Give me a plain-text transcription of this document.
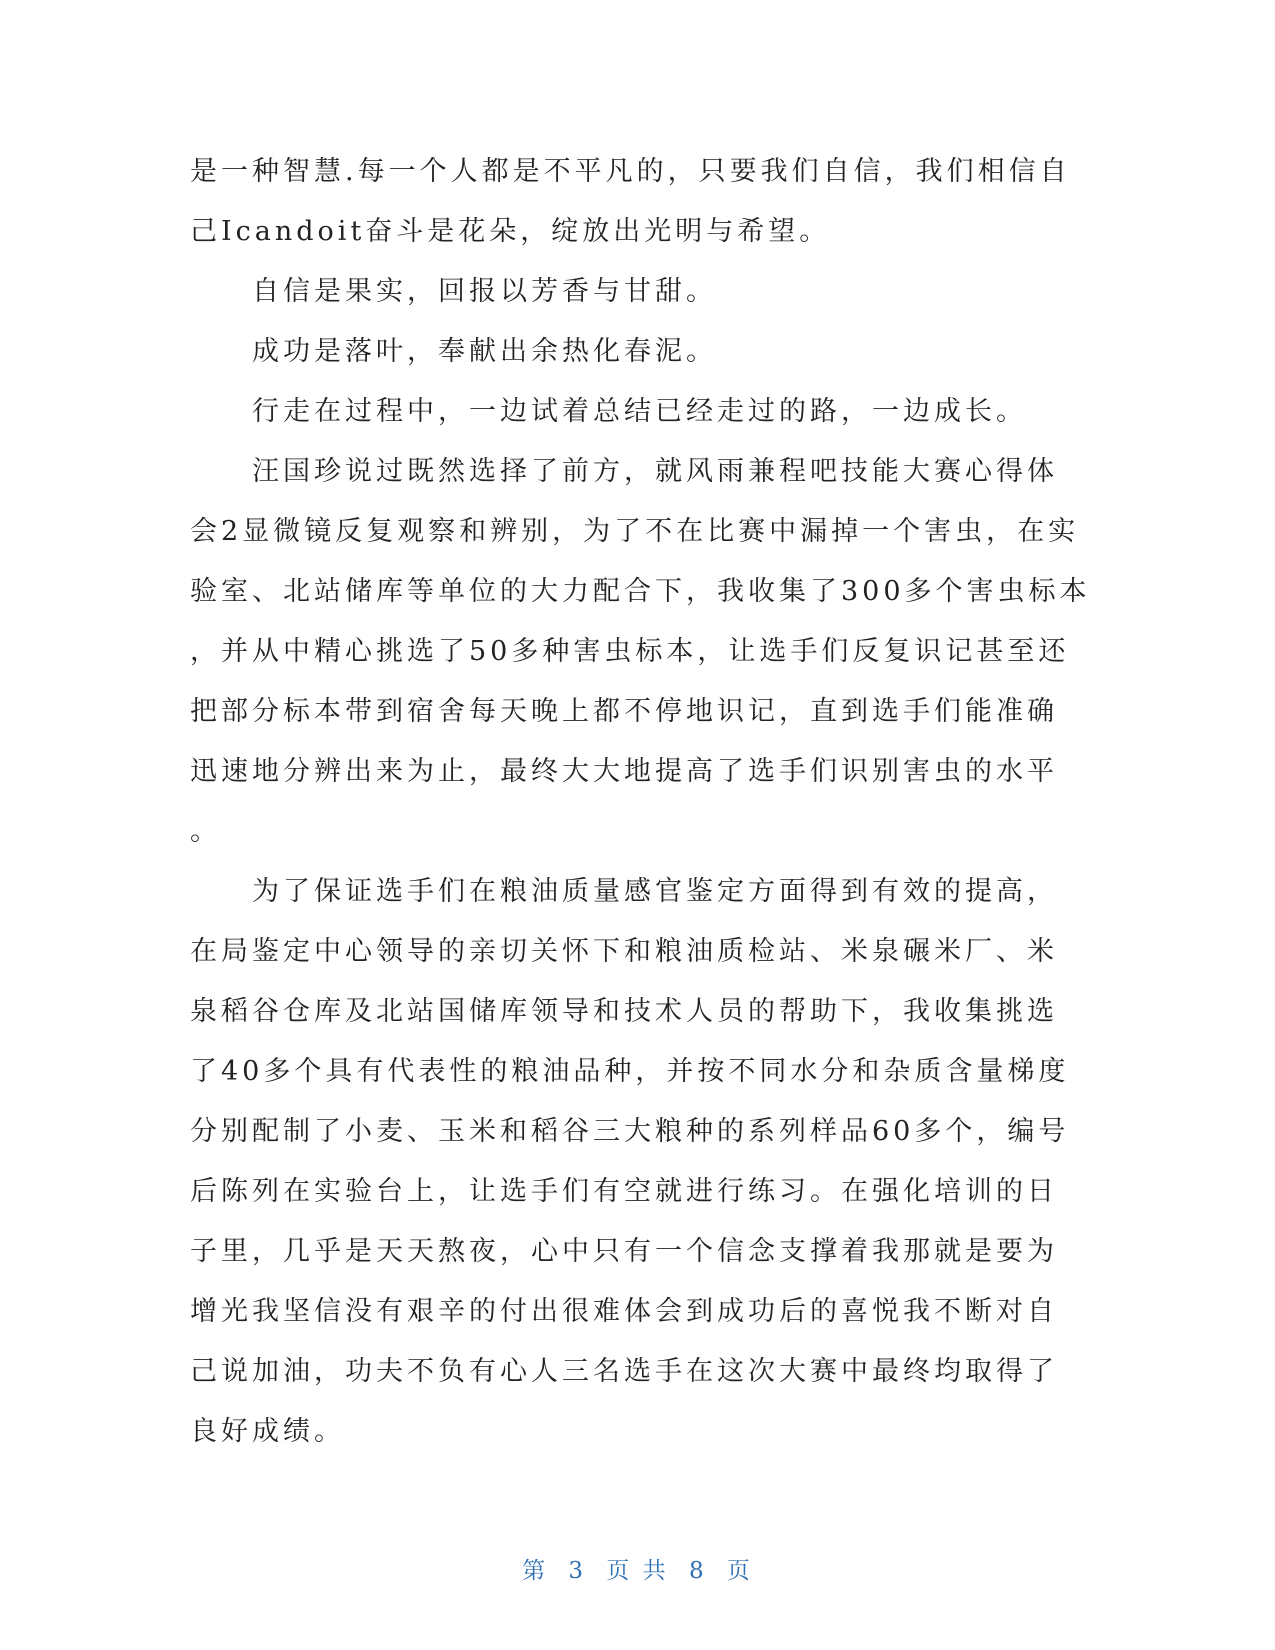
是一种智慧.每一个人都是不平凡的，只要我们自信，我们相信自
己Icandoit奋斗是花朵，绽放出光明与希望。
自信是果实，回报以芳香与甘甜。
成功是落叶，奉献出余热化春泥。
行走在过程中，一边试着总结已经走过的路，一边成长。
汪国珍说过既然选择了前方，就风雨兼程吧技能大赛心得体
会2显微镜反复观察和辨别，为了不在比赛中漏掉一个害虫，在实
验室、北站储库等单位的大力配合下，我收集了300多个害虫标本
，并从中精心挑选了50多种害虫标本，让选手们反复识记甚至还
把部分标本带到宿舍每天晚上都不停地识记，直到选手们能准确
迅速地分辨出来为止，最终大大地提高了选手们识别害虫的水平
。
为了保证选手们在粮油质量感官鉴定方面得到有效的提高，
在局鉴定中心领导的亲切关怀下和粮油质检站、米泉碾米厂、米
泉稻谷仓库及北站国储库领导和技术人员的帮助下，我收集挑选
了40多个具有代表性的粮油品种，并按不同水分和杂质含量梯度
分别配制了小麦、玉米和稻谷三大粮种的系列样品60多个，编号
后陈列在实验台上，让选手们有空就进行练习。在强化培训的日
子里，几乎是天天熬夜，心中只有一个信念支撑着我那就是要为
增光我坚信没有艰辛的付出很难体会到成功后的喜悦我不断对自
己说加油，功夫不负有心人三名选手在这次大赛中最终均取得了
良好成绩。
第 3 页 共 8 页
